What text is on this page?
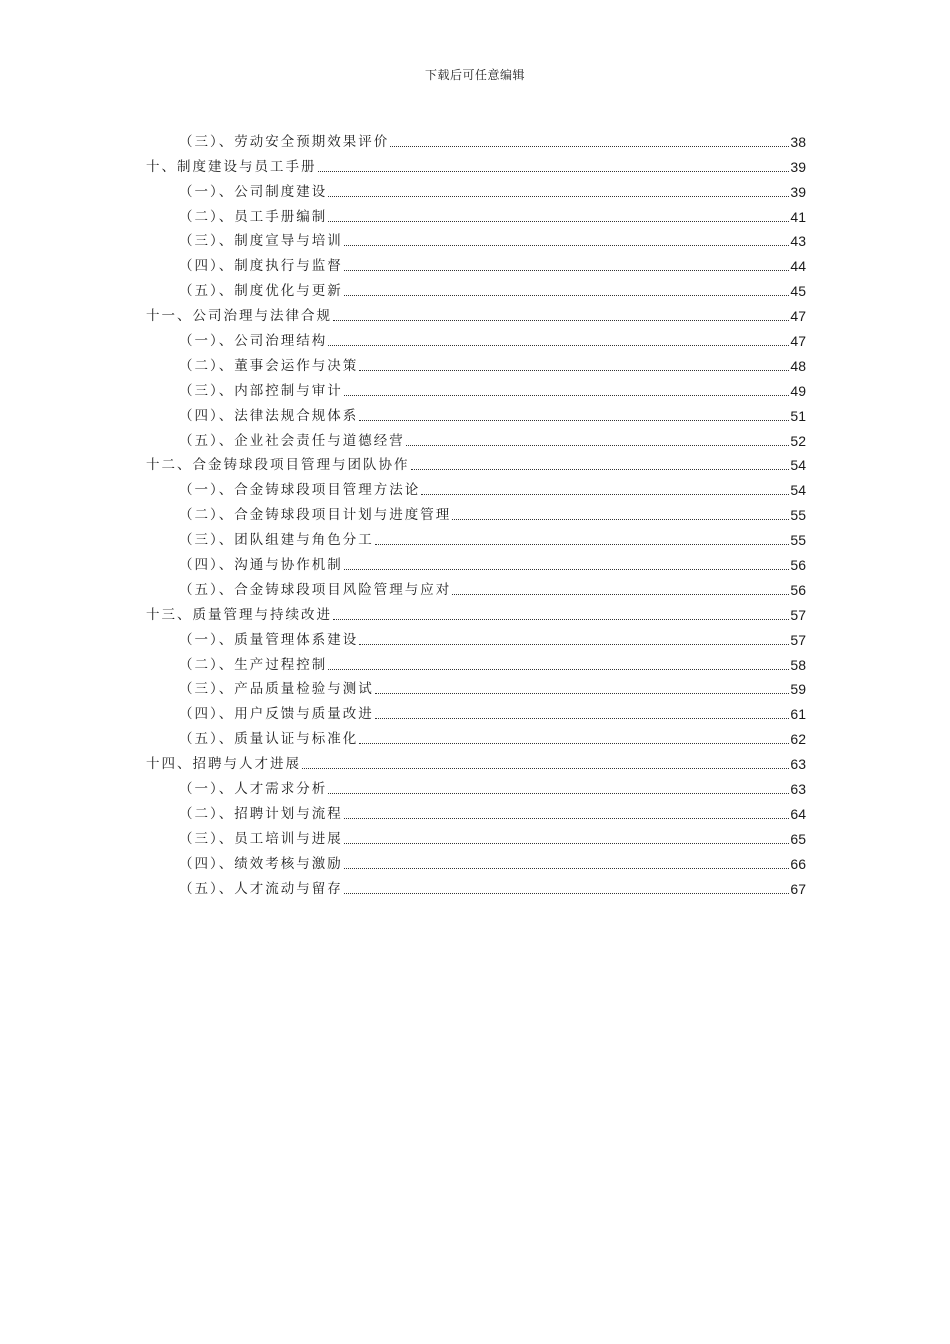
下载后可任意编辑
（三）、劳动安全预期效果评价	38
十、制度建设与员工手册	39
（一）、公司制度建设	39
（二）、员工手册编制	41
（三）、制度宣导与培训	43
（四）、制度执行与监督	44
（五）、制度优化与更新	45
十一、公司治理与法律合规	47
（一）、公司治理结构	47
（二）、董事会运作与决策	48
（三）、内部控制与审计	49
（四）、法律法规合规体系	51
（五）、企业社会责任与道德经营	52
十二、合金铸球段项目管理与团队协作	54
（一）、合金铸球段项目管理方法论	54
（二）、合金铸球段项目计划与进度管理	55
（三）、团队组建与角色分工	55
（四）、沟通与协作机制	56
（五）、合金铸球段项目风险管理与应对	56
十三、质量管理与持续改进	57
（一）、质量管理体系建设	57
（二）、生产过程控制	58
（三）、产品质量检验与测试	59
（四）、用户反馈与质量改进	61
（五）、质量认证与标准化	62
十四、招聘与人才进展	63
（一）、人才需求分析	63
（二）、招聘计划与流程	64
（三）、员工培训与进展	65
（四）、绩效考核与激励	66
（五）、人才流动与留存	67
